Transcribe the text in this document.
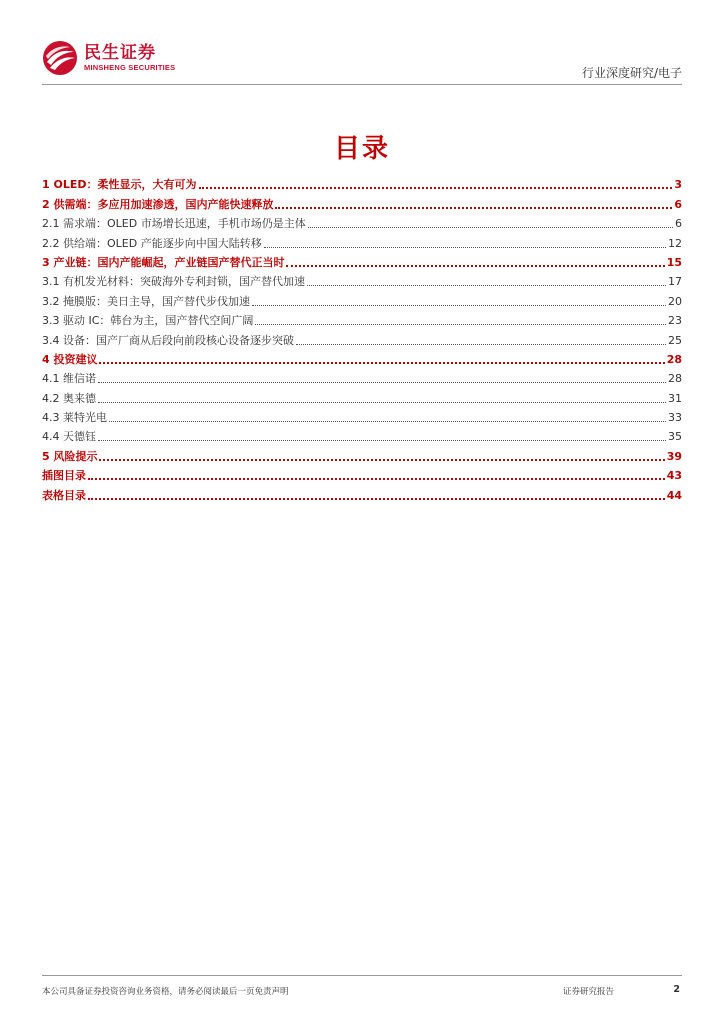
民生证券
MINSHENG SECURITIES	行业深度研究/电子
目录
1 OLED：柔性显示，大有可为	3
2 供需端：多应用加速渗透，国内产能快速释放	6
2.1 需求端：OLED 市场增长迅速，手机市场仍是主体	6
2.2 供给端：OLED 产能逐步向中国大陆转移	12
3 产业链：国内产能崛起，产业链国产替代正当时	15
3.1 有机发光材料：突破海外专利封锁，国产替代加速	17
3.2 掩膜版：美日主导，国产替代步伐加速	20
3.3 驱动 IC：韩台为主，国产替代空间广阔	23
3.4 设备：国产厂商从后段向前段核心设备逐步突破	25
4 投资建议	28
4.1 维信诺	28
4.2 奥来德	31
4.3 莱特光电	33
4.4 天德钰	35
5 风险提示	39
插图目录	43
表格目录	44
本公司具备证券投资咨询业务资格，请务必阅读最后一页免责声明	证券研究报告	2
